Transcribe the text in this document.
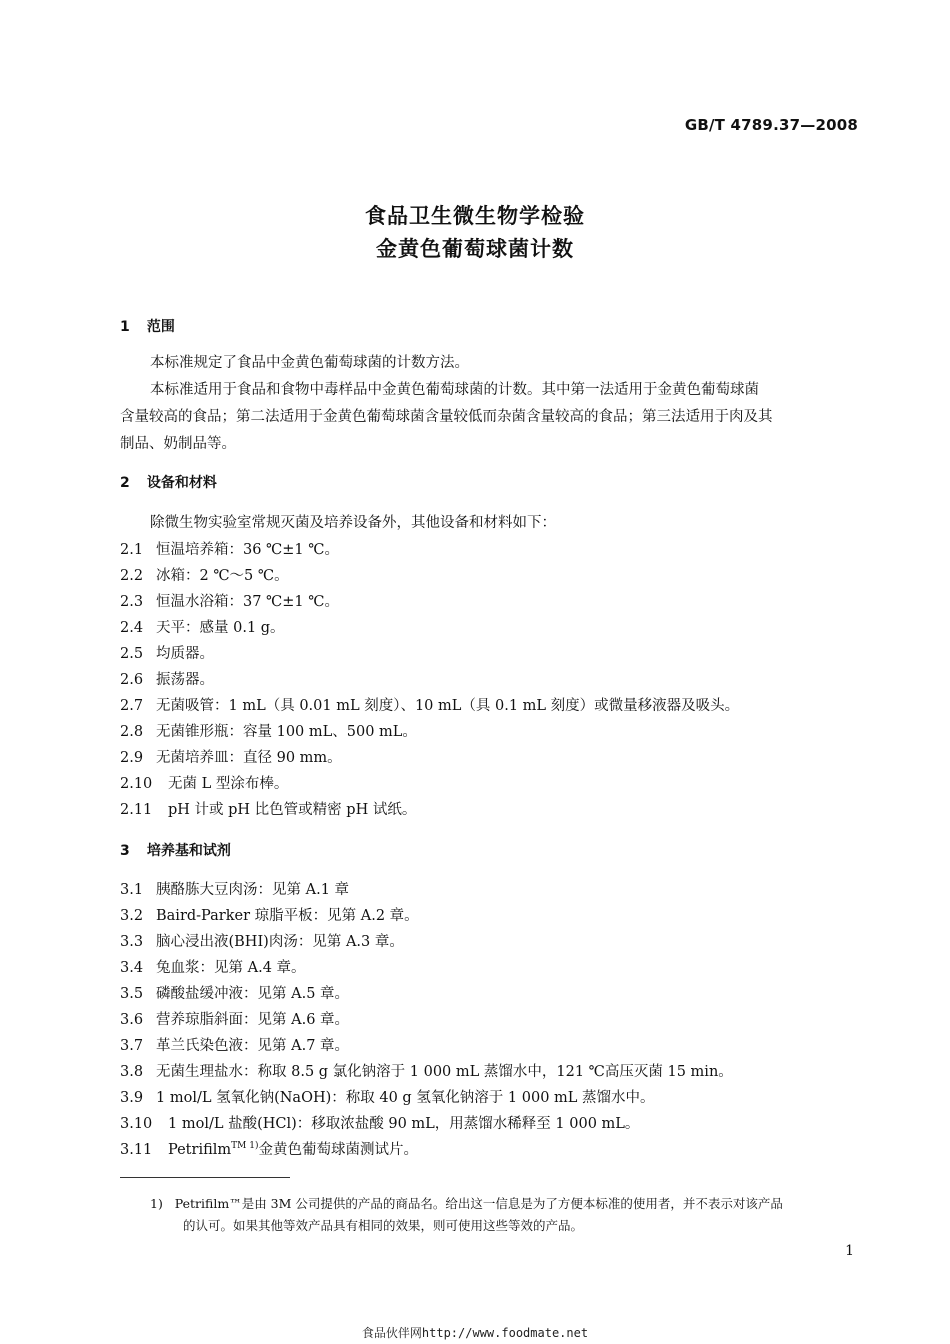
GB/T 4789.37—2008
食品卫生微生物学检验
金黄色葡萄球菌计数
1 范围
本标准规定了食品中金黄色葡萄球菌的计数方法。
本标准适用于食品和食物中毒样品中金黄色葡萄球菌的计数。其中第一法适用于金黄色葡萄球菌
含量较高的食品；第二法适用于金黄色葡萄球菌含量较低而杂菌含量较高的食品；第三法适用于肉及其
制品、奶制品等。
2 设备和材料
除微生物实验室常规灭菌及培养设备外，其他设备和材料如下：
2.1 恒温培养箱：36 ℃±1 ℃。
2.2 冰箱：2 ℃～5 ℃。
2.3 恒温水浴箱：37 ℃±1 ℃。
2.4 天平：感量 0.1 g。
2.5 均质器。
2.6 振荡器。
2.7 无菌吸管：1 mL（具 0.01 mL 刻度）、10 mL（具 0.1 mL 刻度）或微量移液器及吸头。
2.8 无菌锥形瓶：容量 100 mL、500 mL。
2.9 无菌培养皿：直径 90 mm。
2.10 无菌 L 型涂布棒。
2.11 pH 计或 pH 比色管或精密 pH 试纸。
3 培养基和试剂
3.1 胰酪胨大豆肉汤：见第 A.1 章
3.2 Baird-Parker 琼脂平板：见第 A.2 章。
3.3 脑心浸出液(BHI)肉汤：见第 A.3 章。
3.4 兔血浆：见第 A.4 章。
3.5 磷酸盐缓冲液：见第 A.5 章。
3.6 营养琼脂斜面：见第 A.6 章。
3.7 革兰氏染色液：见第 A.7 章。
3.8 无菌生理盐水：称取 8.5 g 氯化钠溶于 1 000 mL 蒸馏水中，121 ℃高压灭菌 15 min。
3.9 1 mol/L 氢氧化钠(NaOH)：称取 40 g 氢氧化钠溶于 1 000 mL 蒸馏水中。
3.10 1 mol/L 盐酸(HCl)：移取浓盐酸 90 mL，用蒸馏水稀释至 1 000 mL。
3.11 Petrifilm$^{TM 1)}$金黄色葡萄球菌测试片。
1) Petrifilm™是由 3M 公司提供的产品的商品名。给出这一信息是为了方便本标准的使用者，并不表示对该产品
的认可。如果其他等效产品具有相同的效果，则可使用这些等效的产品。
1
食品伙伴网http://www.foodmate.net
